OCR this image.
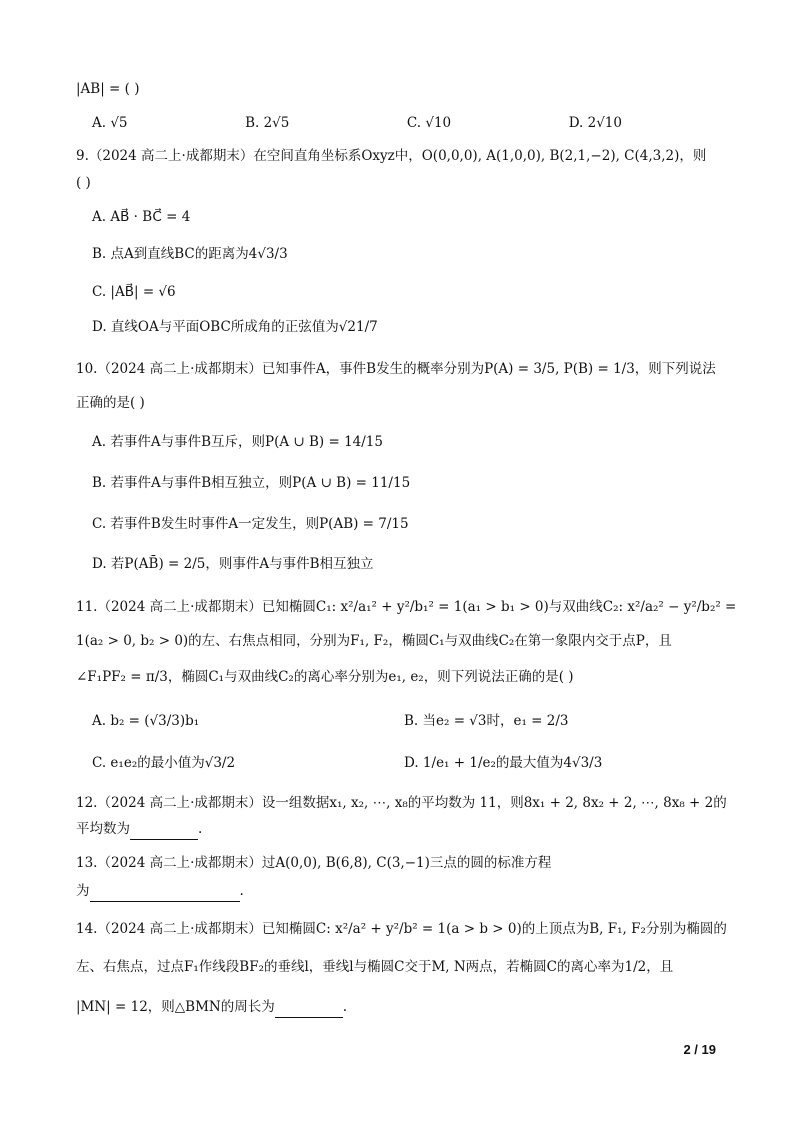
|AB| = ( )
A. √5	B. 2√5	C. √10	D. 2√10
9.（2024 高二上·成都期末）在空间直角坐标系Oxyz中，O(0,0,0), A(1,0,0), B(2,1,−2), C(4,3,2)，则
( )
A. AB⃗ · BC⃗ = 4
B. 点A到直线BC的距离为4√3/3
C. |AB⃗| = √6
D. 直线OA与平面OBC所成角的正弦值为√21/7
10.（2024 高二上·成都期末）已知事件A，事件B发生的概率分别为P(A) = 3/5, P(B) = 1/3，则下列说法
正确的是( )
A. 若事件A与事件B互斥，则P(A ∪ B) = 14/15
B. 若事件A与事件B相互独立，则P(A ∪ B) = 11/15
C. 若事件B发生时事件A一定发生，则P(AB) = 7/15
D. 若P(AB̄) = 2/5，则事件A与事件B相互独立
11.（2024 高二上·成都期末）已知椭圆C₁: x²/a₁² + y²/b₁² = 1(a₁ > b₁ > 0)与双曲线C₂: x²/a₂² − y²/b₂² =
1(a₂ > 0, b₂ > 0)的左、右焦点相同，分别为F₁, F₂，椭圆C₁与双曲线C₂在第一象限内交于点P，且
∠F₁PF₂ = π/3，椭圆C₁与双曲线C₂的离心率分别为e₁, e₂，则下列说法正确的是( )
A. b₂ = (√3/3)b₁	B. 当e₂ = √3时，e₁ = 2/3
C. e₁e₂的最小值为√3/2	D. 1/e₁ + 1/e₂的最大值为4√3/3
12.（2024 高二上·成都期末）设一组数据x₁, x₂, ⋯, x₈的平均数为 11，则8x₁ + 2, 8x₂ + 2, ⋯, 8x₈ + 2的
平均数为	.
13.（2024 高二上·成都期末）过A(0,0), B(6,8), C(3,−1)三点的圆的标准方程
为	.
14.（2024 高二上·成都期末）已知椭圆C: x²/a² + y²/b² = 1(a > b > 0)的上顶点为B, F₁, F₂分别为椭圆的
左、右焦点，过点F₁作线段BF₂的垂线l，垂线l与椭圆C交于M, N两点，若椭圆C的离心率为1/2，且
|MN| = 12，则△BMN的周长为	.
2 / 19
